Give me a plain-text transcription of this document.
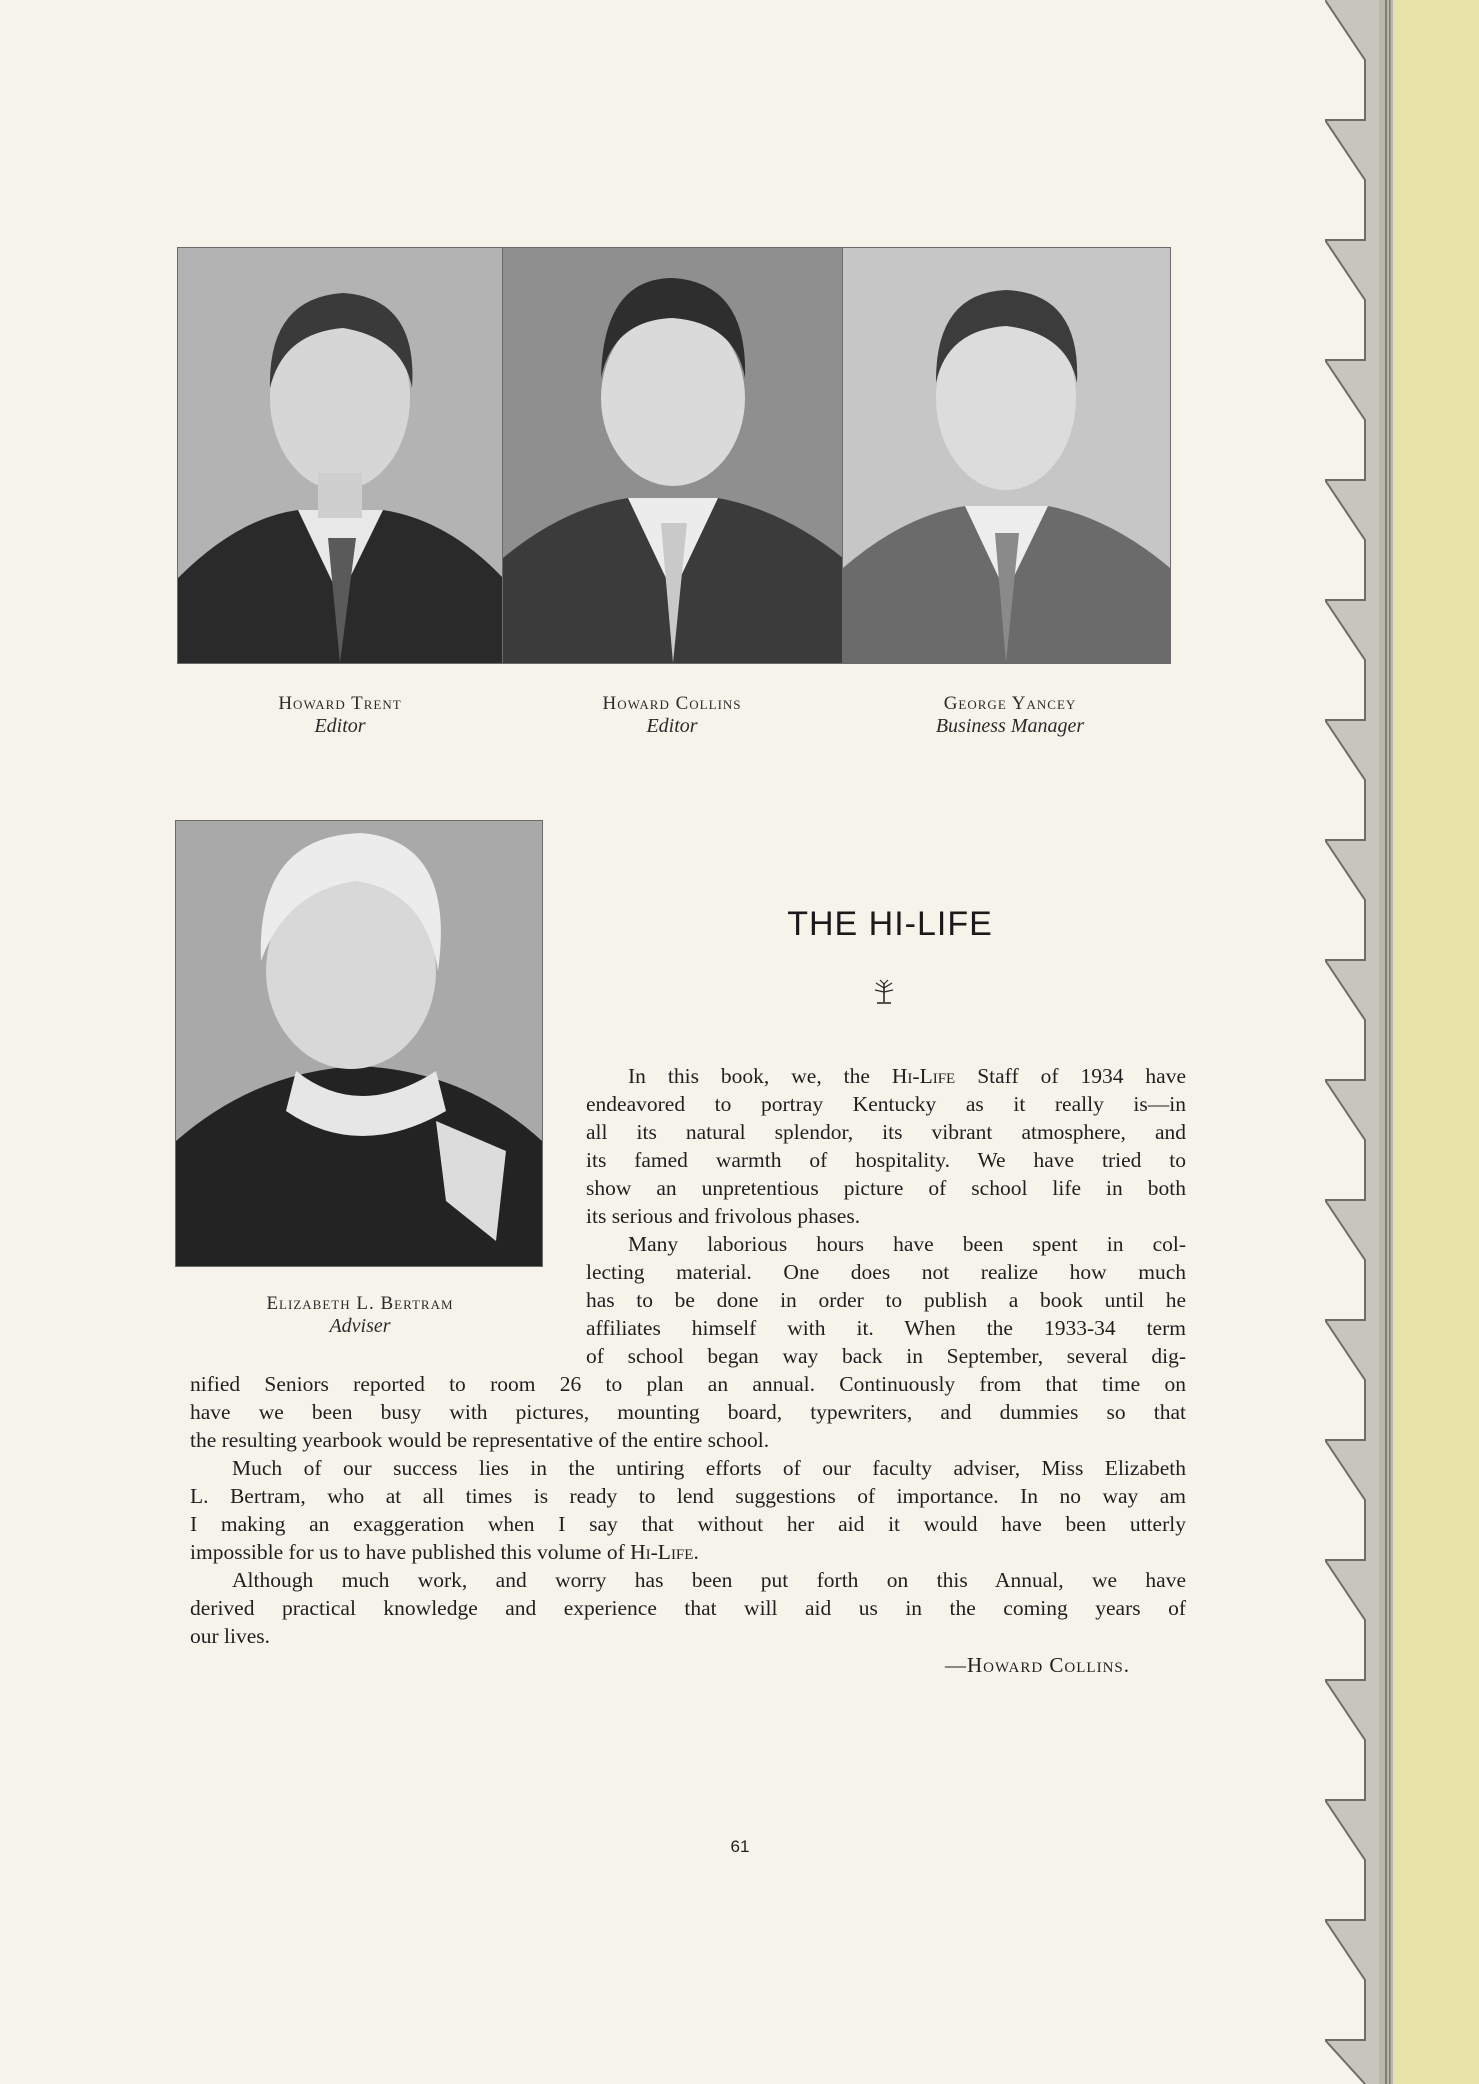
Howard Trent
Editor
Howard Collins
Editor
George Yancey
Business Manager
Elizabeth L. Bertram
Adviser
THE HI-LIFE
In this book, we, the Hi-Life Staff of 1934 have
endeavored to portray Kentucky as it really is—in
all its natural splendor, its vibrant atmosphere, and
its famed warmth of hospitality. We have tried to
show an unpretentious picture of school life in both
its serious and frivolous phases.
Many laborious hours have been spent in col-
lecting material. One does not realize how much
has to be done in order to publish a book until he
affiliates himself with it. When the 1933-34 term
of school began way back in September, several dig-
nified Seniors reported to room 26 to plan an annual. Continuously from that time on
have we been busy with pictures, mounting board, typewriters, and dummies so that
the resulting yearbook would be representative of the entire school.
Much of our success lies in the untiring efforts of our faculty adviser, Miss Elizabeth
L. Bertram, who at all times is ready to lend suggestions of importance. In no way am
I making an exaggeration when I say that without her aid it would have been utterly
impossible for us to have published this volume of Hi-Life.
Although much work, and worry has been put forth on this Annual, we have
derived practical knowledge and experience that will aid us in the coming years of
our lives.
—Howard Collins.
61
